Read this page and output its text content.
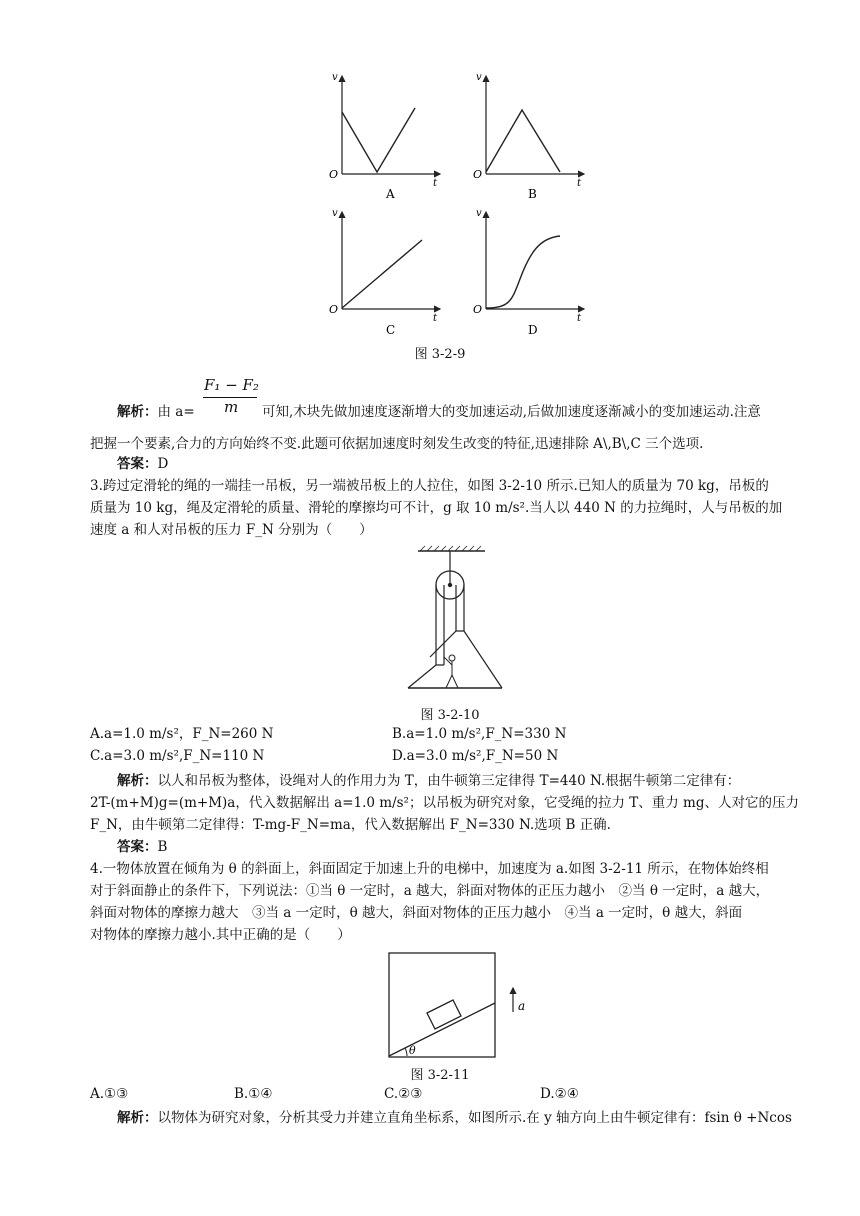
v
t
O
A
v
t
O
B
v
t
O
C
v
t
O
D
图 3-2-9
F₁ − F₂
m
解析：由 a=	可知,木块先做加速度逐渐增大的变加速运动,后做加速度逐渐减小的变加速运动.注意
把握一个要素,合力的方向始终不变.此题可依据加速度时刻发生改变的特征,迅速排除 A\,B\,C 三个选项.
答案：D
3.跨过定滑轮的绳的一端挂一吊板，另一端被吊板上的人拉住，如图 3-2-10 所示.已知人的质量为 70 kg，吊板的
质量为 10 kg，绳及定滑轮的质量、滑轮的摩擦均可不计，g 取 10 m/s².当人以 440 N 的力拉绳时，人与吊板的加
速度 a 和人对吊板的压力 F_N 分别为（　　）
图 3-2-10
A.a=1.0 m/s²，F_N=260 N	B.a=1.0 m/s²,F_N=330 N
C.a=3.0 m/s²,F_N=110 N	D.a=3.0 m/s²,F_N=50 N
解析：以人和吊板为整体，设绳对人的作用力为 T，由牛顿第三定律得 T=440 N.根据牛顿第二定律有：
2T-(m+M)g=(m+M)a，代入数据解出 a=1.0 m/s²；以吊板为研究对象，它受绳的拉力 T、重力 mg、人对它的压力
F_N，由牛顿第二定律得：T-mg-F_N=ma，代入数据解出 F_N=330 N.选项 B 正确.
答案：B
4.一物体放置在倾角为 θ 的斜面上，斜面固定于加速上升的电梯中，加速度为 a.如图 3-2-11 所示，在物体始终相
对于斜面静止的条件下，下列说法：①当 θ 一定时，a 越大，斜面对物体的正压力越小　②当 θ 一定时，a 越大，
斜面对物体的摩擦力越大　③当 a 一定时，θ 越大，斜面对物体的正压力越小　④当 a 一定时，θ 越大，斜面
对物体的摩擦力越小.其中正确的是（　　）
θ
a
图 3-2-11
A.①③	B.①④	C.②③	D.②④
解析：以物体为研究对象，分析其受力并建立直角坐标系，如图所示.在 y 轴方向上由牛顿定律有：fsin θ +Ncos
